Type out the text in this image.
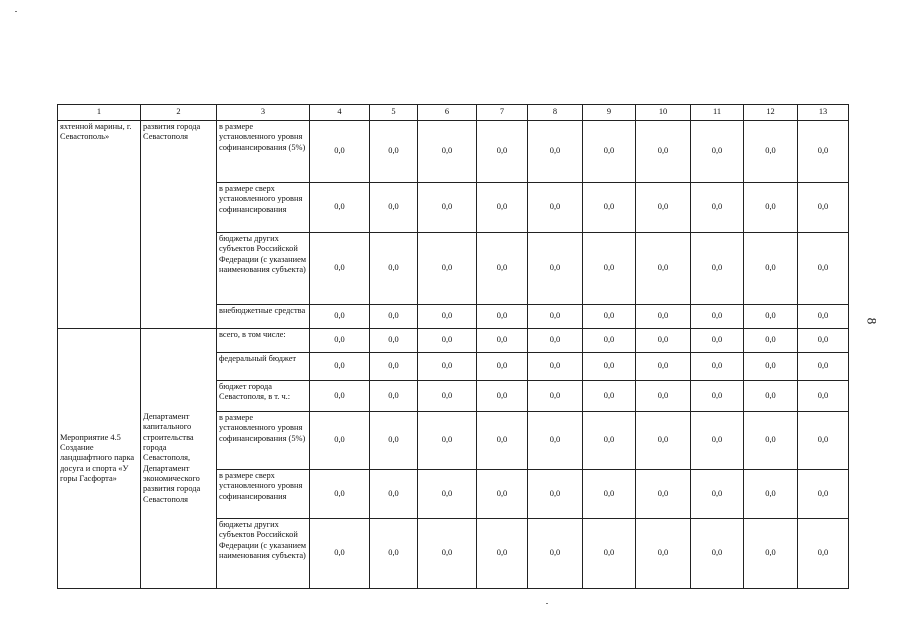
1	2	3	4	5	6	7	8	9	10	11	12	13
яхтенной марины, г. Севастополь»	развития города Севастополя	в размере установленного уровня софинансирования (5%)	0,0	0,0	0,0	0,0	0,0	0,0	0,0	0,0	0,0	0,0
		в размере сверх установленного уровня софинансирования	0,0	0,0	0,0	0,0	0,0	0,0	0,0	0,0	0,0	0,0
		бюджеты других субъектов Российской Федерации (с указанием наименования субъекта)	0,0	0,0	0,0	0,0	0,0	0,0	0,0	0,0	0,0	0,0
		внебюджетные средства	0,0	0,0	0,0	0,0	0,0	0,0	0,0	0,0	0,0	0,0
Мероприятие 4.5 Создание ландшафтного парка досуга и спорта «У горы Гасфорта»	Департамент капитального строительства города Севастополя, Департамент экономического развития города Севастополя	всего, в том числе:	0,0	0,0	0,0	0,0	0,0	0,0	0,0	0,0	0,0	0,0
		федеральный бюджет	0,0	0,0	0,0	0,0	0,0	0,0	0,0	0,0	0,0	0,0
		бюджет города Севастополя, в т. ч.:	0,0	0,0	0,0	0,0	0,0	0,0	0,0	0,0	0,0	0,0
		в размере установленного уровня софинансирования (5%)	0,0	0,0	0,0	0,0	0,0	0,0	0,0	0,0	0,0	0,0
		в размере сверх установленного уровня софинансирования	0,0	0,0	0,0	0,0	0,0	0,0	0,0	0,0	0,0	0,0
		бюджеты других субъектов Российской Федерации (с указанием наименования субъекта)	0,0	0,0	0,0	0,0	0,0	0,0	0,0	0,0	0,0	0,0
8
